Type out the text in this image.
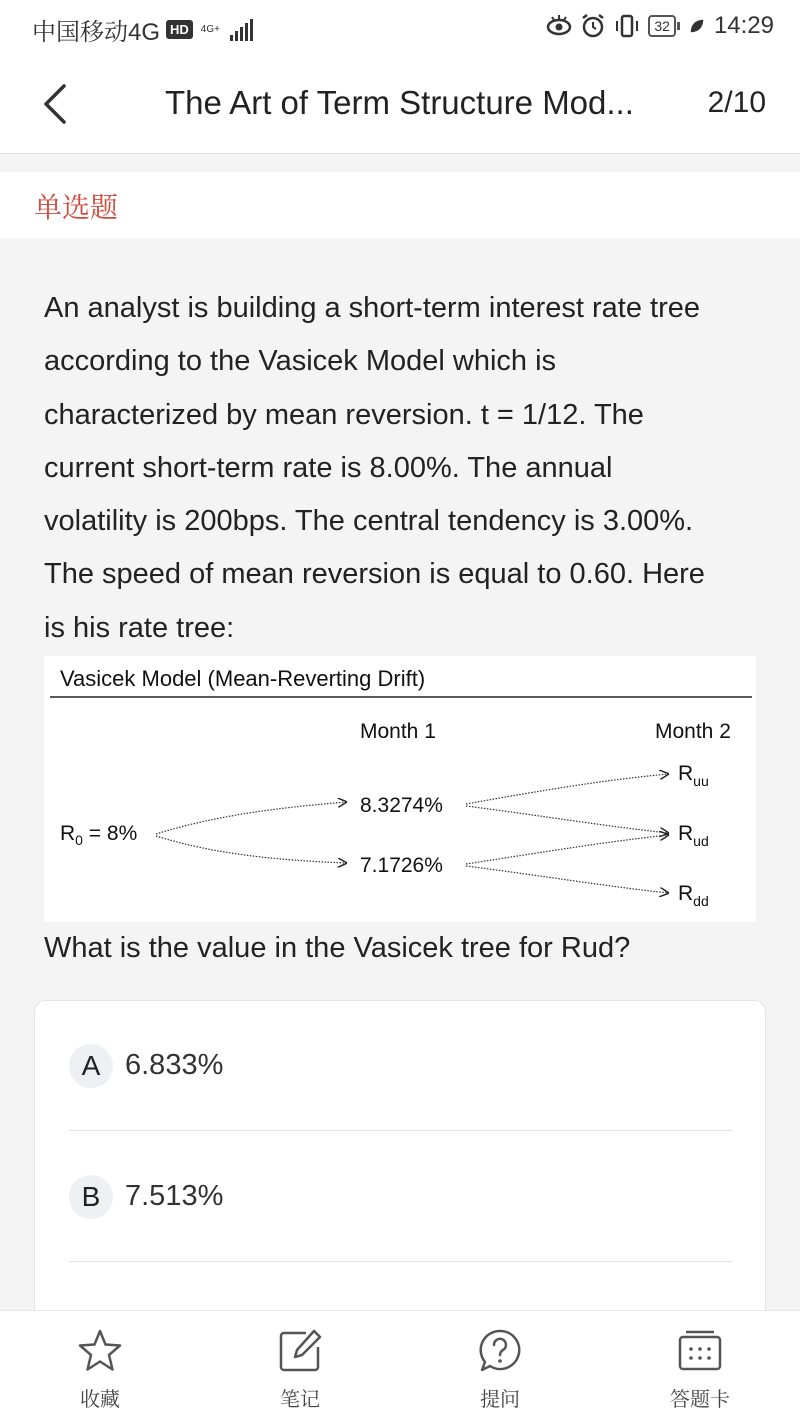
中国移动4G HD	4G+	32 14:29
The Art of Term Structure Mod...	2/10
单选题
An analyst is building a short-term interest rate tree
according to the Vasicek Model which is
characterized by mean reversion. t = 1/12. The
current short-term rate is 8.00%. The annual
volatility is 200bps. The central tendency is 3.00%.
The speed of mean reversion is equal to 0.60. Here
is his rate tree:
Vasicek Model (Mean-Reverting Drift)
Month 1	Month 2
$R_0 = 8\%$
8.3274%
7.1726%
$R_{uu}$
$R_{ud}$
$R_{dd}$
What is the value in the Vasicek tree for Rud?
A 6.833%
B 7.513%
收藏	笔记	提问	答题卡
